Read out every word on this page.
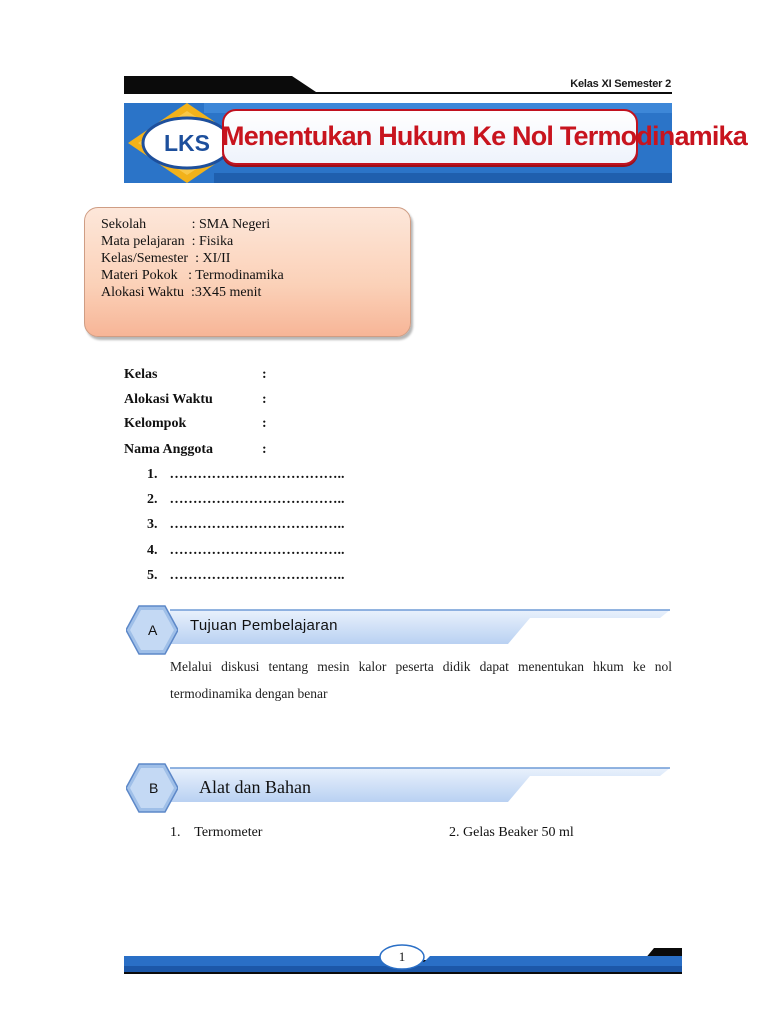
Kelas XI Semester 2
LKS Menentukan Hukum Ke Nol Termodinamika
Sekolah             : SMA Negeri
Mata pelajaran  : Fisika
Kelas/Semester  : XI/II
Materi Pokok   : Termodinamika
Alokasi Waktu  :3X45 menit
Kelas	:
Alokasi Waktu	:
Kelompok	:
Nama Anggota	:
1. ………………………………..
2. ………………………………..
3. ………………………………..
4. ………………………………..
5. ………………………………..
A Tujuan Pembelajaran
Melalui diskusi tentang mesin kalor peserta didik dapat menentukan hkum ke nol termodinamika dengan benar
B Alat dan Bahan
1.    Termometer	2. Gelas Beaker 50 ml
1
